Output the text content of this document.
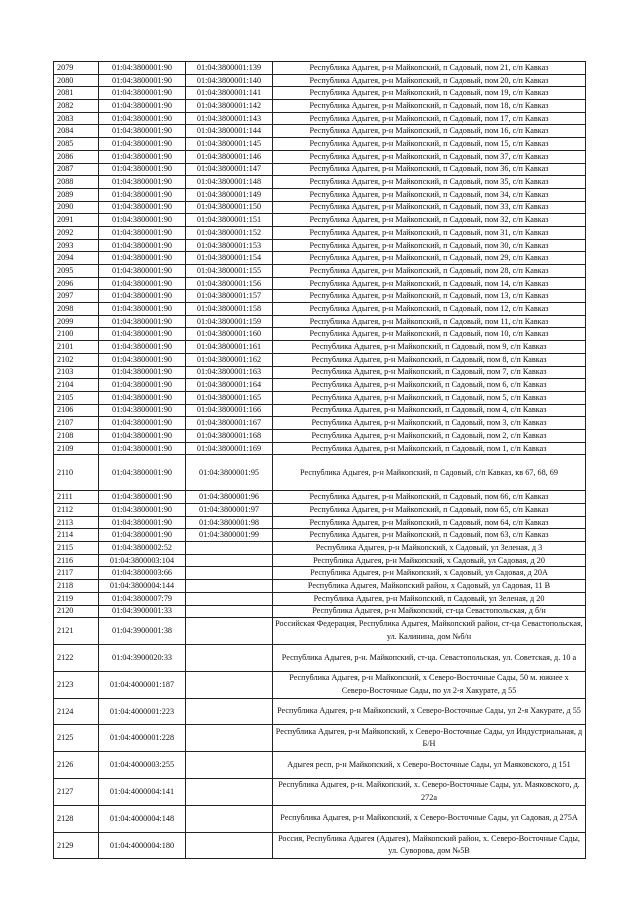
2079	01:04:3800001:90	01:04:3800001:139	Республика Адыгея, р-н Майкопский, п Садовый, пом 21, с/п Кавказ
2080	01:04:3800001:90	01:04:3800001:140	Республика Адыгея, р-н Майкопский, п Садовый, пом 20, с/п Кавказ
2081	01:04:3800001:90	01:04:3800001:141	Республика Адыгея, р-н Майкопский, п Садовый, пом 19, с/п Кавказ
2082	01:04:3800001:90	01:04:3800001:142	Республика Адыгея, р-н Майкопский, п Садовый, пом 18, с/п Кавказ
2083	01:04:3800001:90	01:04:3800001:143	Республика Адыгея, р-н Майкопский, п Садовый, пом 17, с/п Кавказ
2084	01:04:3800001:90	01:04:3800001:144	Республика Адыгея, р-н Майкопский, п Садовый, пом 16, с/п Кавказ
2085	01:04:3800001:90	01:04:3800001:145	Республика Адыгея, р-н Майкопский, п Садовый, пом 15, с/п Кавказ
2086	01:04:3800001:90	01:04:3800001:146	Республика Адыгея, р-н Майкопский, п Садовый, пом 37, с/п Кавказ
2087	01:04:3800001:90	01:04:3800001:147	Республика Адыгея, р-н Майкопский, п Садовый, пом 36, с/п Кавказ
2088	01:04:3800001:90	01:04:3800001:148	Республика Адыгея, р-н Майкопский, п Садовый, пом 35, с/п Кавказ
2089	01:04:3800001:90	01:04:3800001:149	Республика Адыгея, р-н Майкопский, п Садовый, пом 34, с/п Кавказ
2090	01:04:3800001:90	01:04:3800001:150	Республика Адыгея, р-н Майкопский, п Садовый, пом 33, с/п Кавказ
2091	01:04:3800001:90	01:04:3800001:151	Республика Адыгея, р-н Майкопский, п Садовый, пом 32, с/п Кавказ
2092	01:04:3800001:90	01:04:3800001:152	Республика Адыгея, р-н Майкопский, п Садовый, пом 31, с/п Кавказ
2093	01:04:3800001:90	01:04:3800001:153	Республика Адыгея, р-н Майкопский, п Садовый, пом 30, с/п Кавказ
2094	01:04:3800001:90	01:04:3800001:154	Республика Адыгея, р-н Майкопский, п Садовый, пом 29, с/п Кавказ
2095	01:04:3800001:90	01:04:3800001:155	Республика Адыгея, р-н Майкопский, п Садовый, пом 28, с/п Кавказ
2096	01:04:3800001:90	01:04:3800001:156	Республика Адыгея, р-н Майкопский, п Садовый, пом 14, с/п Кавказ
2097	01:04:3800001:90	01:04:3800001:157	Республика Адыгея, р-н Майкопский, п Садовый, пом 13, с/п Кавказ
2098	01:04:3800001:90	01:04:3800001:158	Республика Адыгея, р-н Майкопский, п Садовый, пом 12, с/п Кавказ
2099	01:04:3800001:90	01:04:3800001:159	Республика Адыгея, р-н Майкопский, п Садовый, пом 11, с/п Кавказ
2100	01:04:3800001:90	01:04:3800001:160	Республика Адыгея, р-н Майкопский, п Садовый, пом 10, с/п Кавказ
2101	01:04:3800001:90	01:04:3800001:161	Республика Адыгея, р-н Майкопский, п Садовый, пом 9, с/п Кавказ
2102	01:04:3800001:90	01:04:3800001:162	Республика Адыгея, р-н Майкопский, п Садовый, пом 8, с/п Кавказ
2103	01:04:3800001:90	01:04:3800001:163	Республика Адыгея, р-н Майкопский, п Садовый, пом 7, с/п Кавказ
2104	01:04:3800001:90	01:04:3800001:164	Республика Адыгея, р-н Майкопский, п Садовый, пом 6, с/п Кавказ
2105	01:04:3800001:90	01:04:3800001:165	Республика Адыгея, р-н Майкопский, п Садовый, пом 5, с/п Кавказ
2106	01:04:3800001:90	01:04:3800001:166	Республика Адыгея, р-н Майкопский, п Садовый, пом 4, с/п Кавказ
2107	01:04:3800001:90	01:04:3800001:167	Республика Адыгея, р-н Майкопский, п Садовый, пом 3, с/п Кавказ
2108	01:04:3800001:90	01:04:3800001:168	Республика Адыгея, р-н Майкопский, п Садовый, пом 2, с/п Кавказ
2109	01:04:3800001:90	01:04:3800001:169	Республика Адыгея, р-н Майкопский, п Садовый, пом 1, с/п Кавказ
2110	01:04:3800001:90	01:04:3800001:95	Республика Адыгея, р-н Майкопский, п Садовый, с/п Кавказ, кв 67, 68, 69
2111	01:04:3800001:90	01:04:3800001:96	Республика Адыгея, р-н Майкопский, п Садовый, пом 66, с/п Кавказ
2112	01:04:3800001:90	01:04:3800001:97	Республика Адыгея, р-н Майкопский, п Садовый, пом 65, с/п Кавказ
2113	01:04:3800001:90	01:04:3800001:98	Республика Адыгея, р-н Майкопский, п Садовый, пом 64, с/п Кавказ
2114	01:04:3800001:90	01:04:3800001:99	Республика Адыгея, р-н Майкопский, п Садовый, пом 63, с/п Кавказ
2115	01:04:3800002:52		Республика Адыгея, р-н Майкопский, х Садовый, ул Зеленая, д 3
2116	01:04:3800003:104		Республика Адыгея, р-н Майкопский, х Садовый, ул Садовая, д 20
2117	01:04:3800003:66		Республика Адыгея, р-н Майкопский, х Садовый, ул Садовая, д 20А
2118	01:04:3800004:144		Республика Адыгея, Майкопский район, х Садовый, ул Садовая, 11 В
2119	01:04:3800007:79		Республика Адыгея, р-н Майкопский, п Садовый, ул Зеленая, д 20
2120	01:04:3900001:33		Республика Адыгея, р-н Майкопский, ст-ца Севастопольская, д б/н
2121	01:04:3900001:38		Российская Федерация, Республика Адыгея, Майкопский район, ст-ца Севастопольская, ул. Калинина, дом №б/н
2122	01:04:3900020:33		Республика Адыгея, р-н. Майкопский, ст-ца. Севастопольская, ул. Советская, д. 10 а
2123	01:04:4000001:187		Республика Адыгея, р-н Майкопский, х Северо-Восточные Сады, 50 м. южнее х Северо-Восточные Сады, по ул 2-я Хакурате, д 55
2124	01:04:4000001:223		Республика Адыгея, р-н Майкопский, х Северо-Восточные Сады, ул 2-я Хакурате, д 55
2125	01:04:4000001:228		Республика Адыгея, р-н Майкопский, х Северо-Восточные Сады, ул Индустриальная, д Б/Н
2126	01:04:4000003:255		Адыгея респ, р-н Майкопский, х Северо-Восточные Сады, ул Маяковского, д 151
2127	01:04:4000004:141		Республика Адыгея, р-н. Майкопский, х. Северо-Восточные Сады, ул. Маяковского, д. 272а
2128	01:04:4000004:148		Республика Адыгея, р-н Майкопский, х Северо-Восточные Сады, ул Садовая, д 275А
2129	01:04:4000004:180		Россия, Республика Адыгея (Адыгея), Майкопский район, х. Северо-Восточные Сады, ул. Суворова, дом №5В
